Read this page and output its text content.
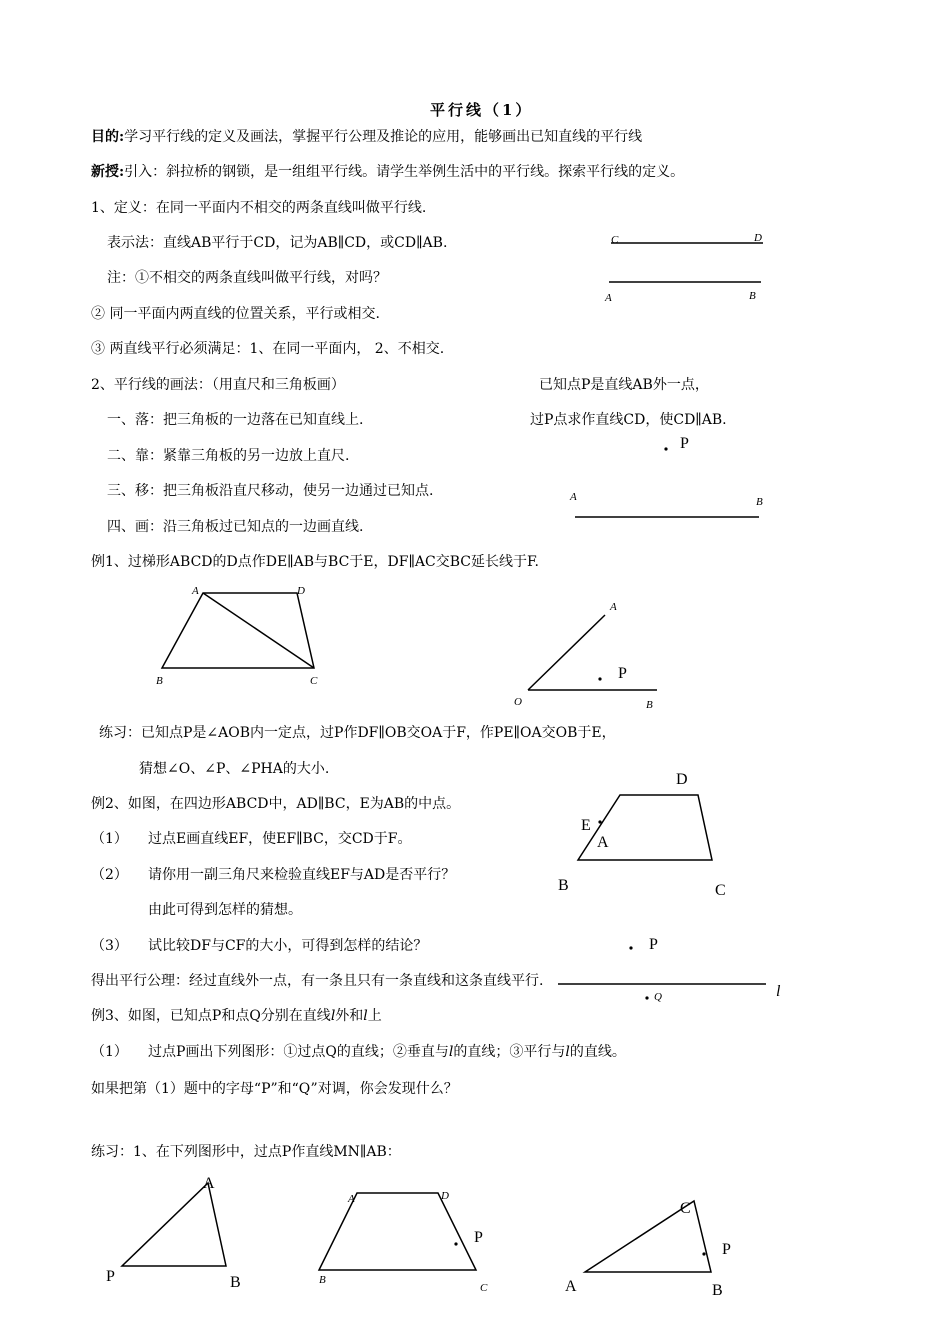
平行线（1）
目的:学习平行线的定义及画法，掌握平行公理及推论的应用，能够画出已知直线的平行线
新授:引入：斜拉桥的钢锁，是一组组平行线。请学生举例生活中的平行线。探索平行线的定义。
1、定义：在同一平面内不相交的两条直线叫做平行线.
表示法：直线AB平行于CD，记为AB∥CD，或CD∥AB.
注：①不相交的两条直线叫做平行线，对吗？
② 同一平面内两直线的位置关系，平行或相交.
③ 两直线平行必须满足：1、在同一平面内， 2、不相交.
C	D
A	B
2、平行线的画法：（用直尺和三角板画）	已知点P是直线AB外一点，
一、落：把三角板的一边落在已知直线上.	过P点求作直线CD，使CD∥AB.
二、靠：紧靠三角板的另一边放上直尺.
三、移：把三角板沿直尺移动，使另一边通过已知点.
四、画：沿三角板过已知点的一边画直线.
P
A	B
例1、过梯形ABCD的D点作DE∥AB与BC于E，DF∥AC交BC延长线于F.
A	D
B	C
A
P
O	B
练习：已知点P是∠AOB内一定点，过P作DF∥OB交OA于F，作PE∥OA交OB于E，
猜想∠O、∠P、∠PHA的大小.
例2、如图，在四边形ABCD中，AD∥BC，E为AB的中点。
（1） 过点E画直线EF，使EF∥BC，交CD于F。
（2） 请你用一副三角尺来检验直线EF与AD是否平行？
由此可得到怎样的猜想。
（3） 试比较DF与CF的大小，可得到怎样的结论？
D
E
A
B	C
得出平行公理：经过直线外一点，有一条且只有一条直线和这条直线平行.
P
Q	l
例3、如图，已知点P和点Q分别在直线l外和l上
（1） 过点P画出下列图形：①过点Q的直线；②垂直与l的直线；③平行与l的直线。
如果把第（1）题中的字母“P”和“Q”对调，你会发现什么？
练习：1、在下列图形中，过点P作直线MN∥AB：
A
P	B
A	D
P
B
C
C
P
A	B
